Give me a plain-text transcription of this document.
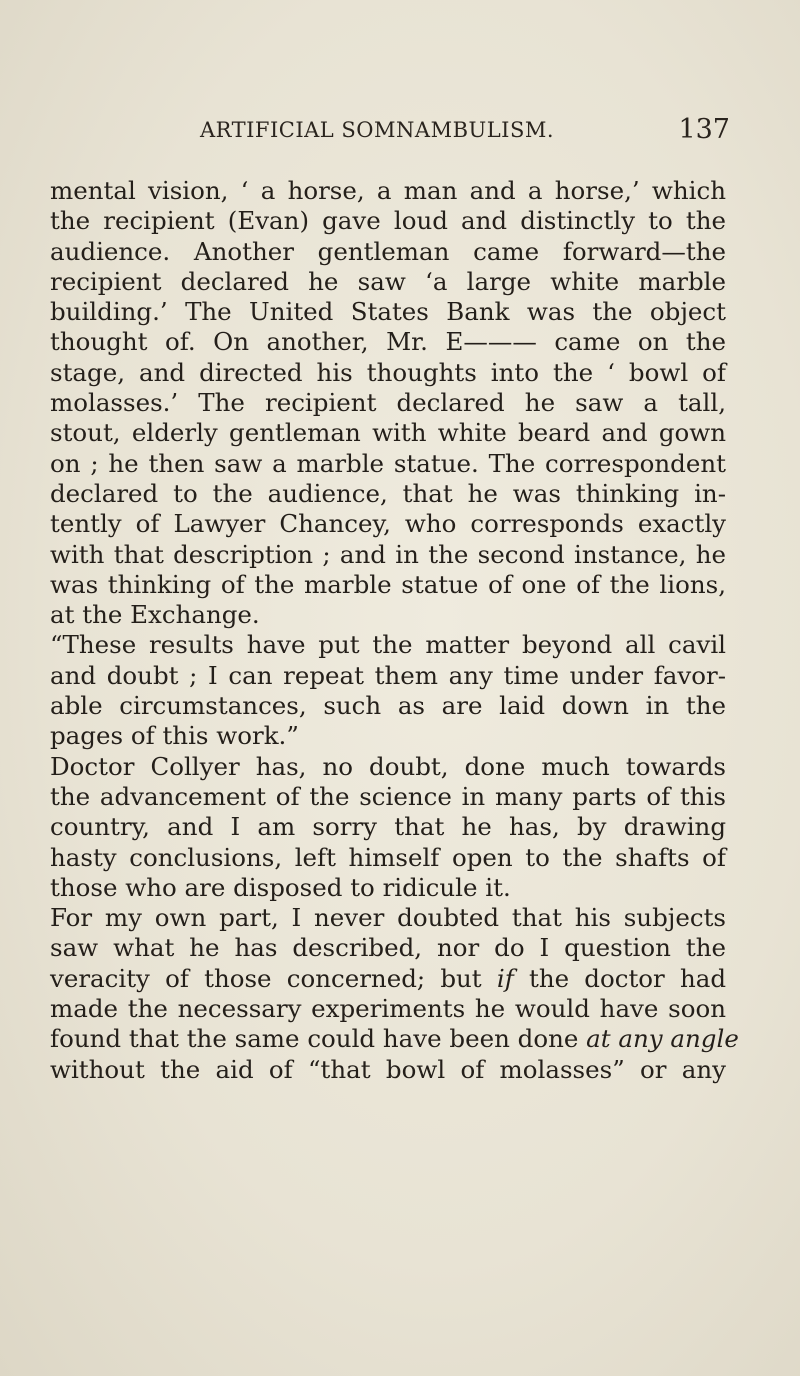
ARTIFICIAL SOMNAMBULISM.	137
mental vision, ‘ a horse, a man and a horse,’ which
the recipient (Evan) gave loud and distinctly to the
audience. Another gentleman came forward—the
recipient declared he saw ‘a large white marble
building.’ The United States Bank was the object
thought of. On another, Mr. E——— came on the
stage, and directed his thoughts into the ‘ bowl of
molasses.’ The recipient declared he saw a tall,
stout, elderly gentleman with white beard and gown
on ; he then saw a marble statue. The correspondent
declared to the audience, that he was thinking in-
tently of Lawyer Chancey, who corresponds exactly
with that description ; and in the second instance, he
was thinking of the marble statue of one of the lions,
at the Exchange.
“These results have put the matter beyond all cavil
and doubt ; I can repeat them any time under favor-
able circumstances, such as are laid down in the
pages of this work.”
Doctor Collyer has, no doubt, done much towards
the advancement of the science in many parts of this
country, and I am sorry that he has, by drawing
hasty conclusions, left himself open to the shafts of
those who are disposed to ridicule it.
For my own part, I never doubted that his subjects
saw what he has described, nor do I question the
veracity of those concerned; but if the doctor had
made the necessary experiments he would have soon
found that the same could have been done at any angle
without the aid of “that bowl of molasses” or any
